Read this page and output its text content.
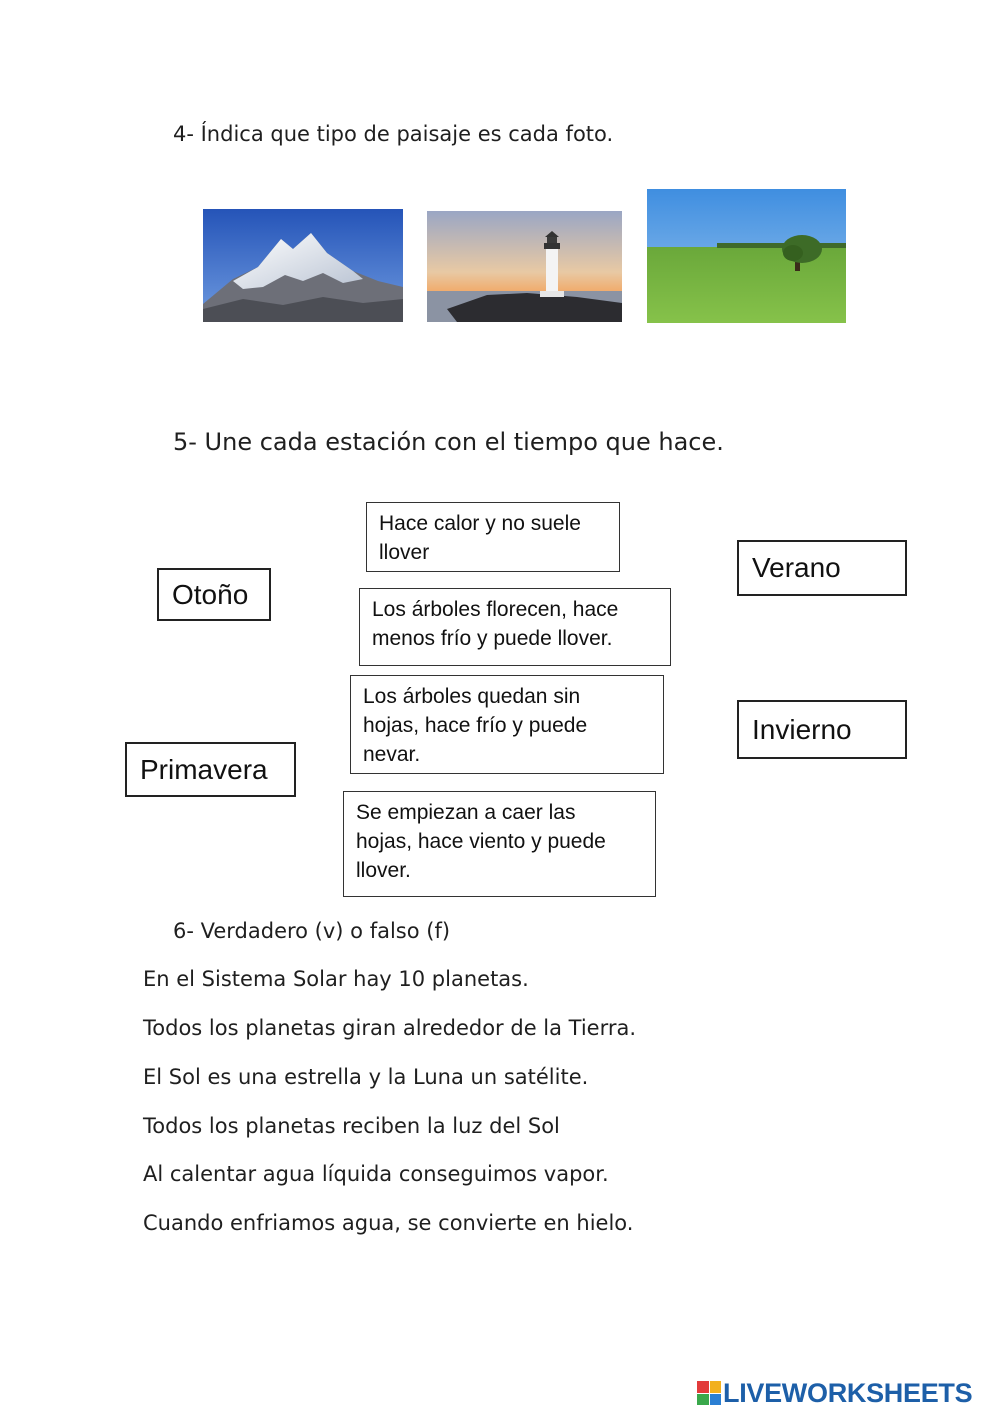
4- Índica que tipo de paisaje es cada foto.
5- Une cada estación con el tiempo que hace.
Otoño
Primavera
Verano
Invierno
Hace calor y no suele
llover
Los árboles florecen, hace
menos frío y puede llover.
Los árboles quedan sin
hojas, hace frío y puede
nevar.
Se empiezan a caer las
hojas, hace viento y puede
llover.
6- Verdadero (v) o falso (f)
En el Sistema Solar hay 10 planetas.
Todos los planetas giran alrededor de la Tierra.
El Sol es una estrella y la Luna un satélite.
Todos los planetas reciben la luz del Sol
Al calentar agua líquida conseguimos vapor.
Cuando enfriamos agua, se convierte en hielo.
LIVEWORKSHEETS
